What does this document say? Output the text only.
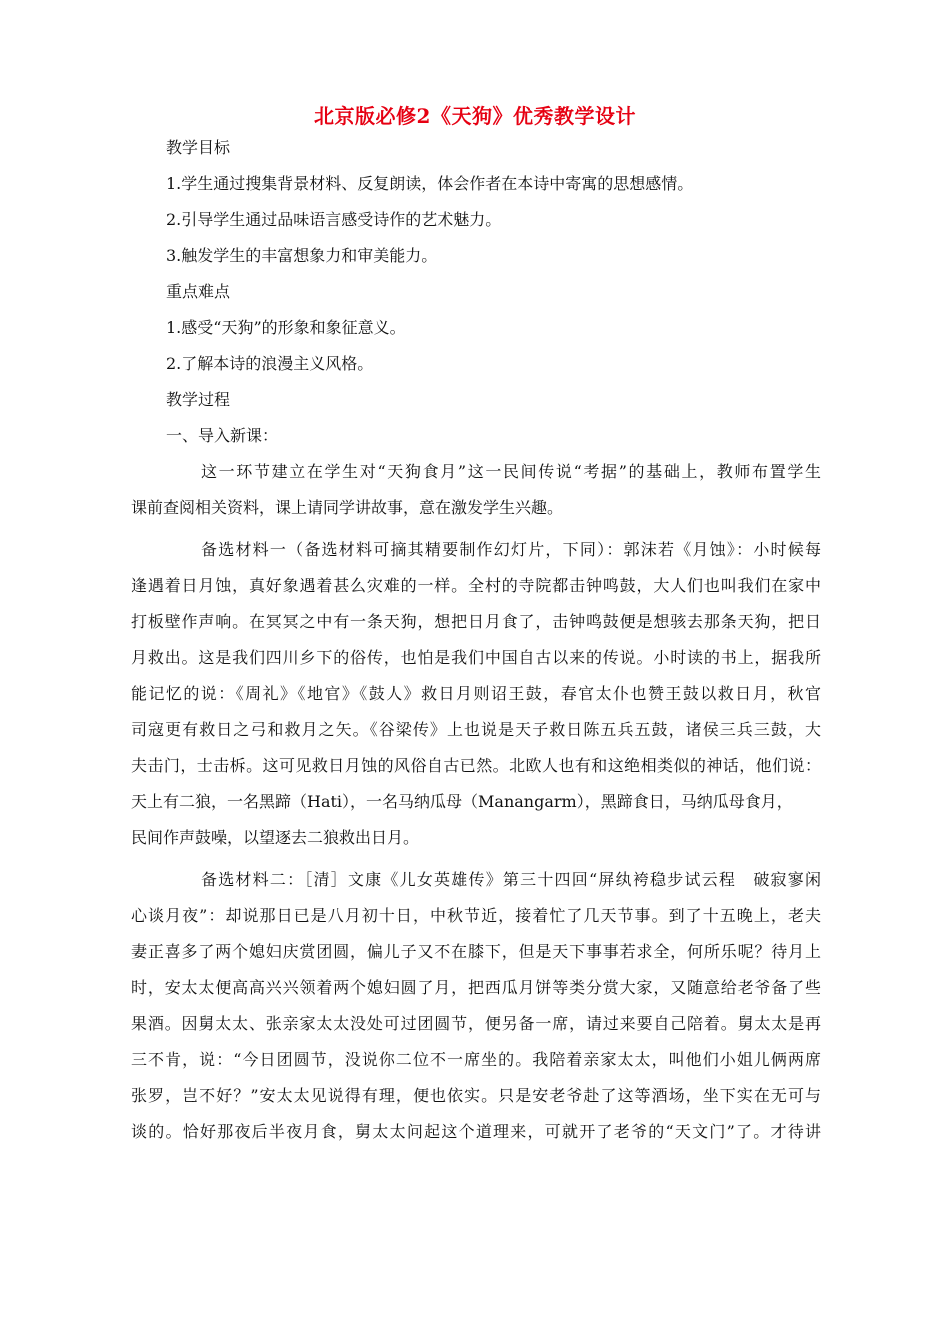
北京版必修2《天狗》优秀教学设计
教学目标
1.学生通过搜集背景材料、反复朗读，体会作者在本诗中寄寓的思想感情。
2.引导学生通过品味语言感受诗作的艺术魅力。
3.触发学生的丰富想象力和审美能力。
重点难点
1.感受“天狗”的形象和象征意义。
2.了解本诗的浪漫主义风格。
教学过程
一、导入新课：
这一环节建立在学生对“天狗食月”这一民间传说“考据”的基础上，教师布置学生
课前查阅相关资料，课上请同学讲故事，意在激发学生兴趣。
备选材料一（备选材料可摘其精要制作幻灯片，下同）：郭沫若《月蚀》：小时候每
逢遇着日月蚀，真好象遇着甚么灾难的一样。全村的寺院都击钟鸣鼓，大人们也叫我们在家中
打板壁作声响。在冥冥之中有一条天狗，想把日月食了，击钟鸣鼓便是想骇去那条天狗，把日
月救出。这是我们四川乡下的俗传，也怕是我们中国自古以来的传说。小时读的书上，据我所
能记忆的说：《周礼》《地官》《鼓人》救日月则诏王鼓，春官太仆也赞王鼓以救日月，秋官
司寇更有救日之弓和救月之矢。《谷梁传》上也说是天子救日陈五兵五鼓，诸侯三兵三鼓，大
夫击门，士击柝。这可见救日月蚀的风俗自古已然。北欧人也有和这绝相类似的神话，他们说：
天上有二狼，一名黑蹄（Hati），一名马纳瓜母（Manangarm），黑蹄食日，马纳瓜母食月，
民间作声鼓噪，以望逐去二狼救出日月。
备选材料二：［清］文康《儿女英雄传》第三十四回“屏纨袴稳步试云程　破寂寥闲
心谈月夜”：却说那日已是八月初十日，中秋节近，接着忙了几天节事。到了十五晚上，老夫
妻正喜多了两个媳妇庆赏团圆，偏儿子又不在膝下，但是天下事事若求全，何所乐呢？待月上
时，安太太便高高兴兴领着两个媳妇圆了月，把西瓜月饼等类分赏大家，又随意给老爷备了些
果酒。因舅太太、张亲家太太没处可过团圆节，便另备一席，请过来要自己陪着。舅太太是再
三不肯，说：“今日团圆节，没说你二位不一席坐的。我陪着亲家太太，叫他们小姐儿俩两席
张罗，岂不好？”安太太见说得有理，便也依实。只是安老爷赴了这等酒场，坐下实在无可与
谈的。恰好那夜后半夜月食，舅太太问起这个道理来，可就开了老爷的“天文门”了。才待讲
